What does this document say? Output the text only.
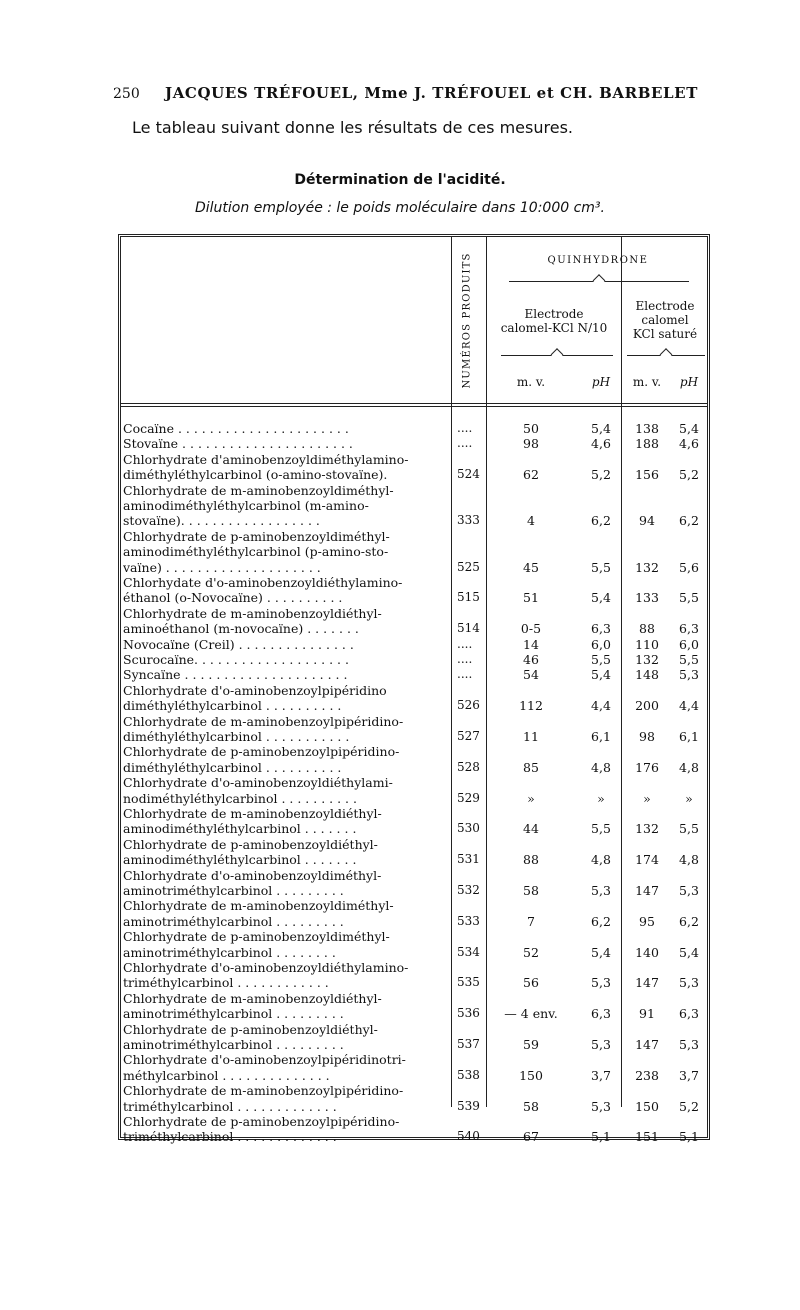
250 JACQUES TRÉFOUEL, Mme J. TRÉFOUEL et CH. BARBELET
Le tableau suivant donne les résultats de ces mesures.
Détermination de l'acidité.
Dilution employée : le poids moléculaire dans 10:000 cm³.
NUMÉROS PRODUITS	QUINHYDRONE
Electrode
calomel-KCl N/10
Electrode
calomel
KCl saturé
m. v.	pH	m. v.	pH
Cocaïne . . . . . . . . . . . . . . . . . . . . . .	....	50	5,4	138	5,4
Stovaïne . . . . . . . . . . . . . . . . . . . . . .	....	98	4,6	188	4,6
Chlorhydrate d'aminobenzoyldiméthylamino-
diméthyléthylcarbinol (o-amino-stovaïne).	524	62	5,2	156	5,2
Chlorhydrate de m-aminobenzoyldiméthyl-
aminodiméthyléthylcarbinol (m-amino-
stovaïne). . . . . . . . . . . . . . . . . .	333	4	6,2	94	6,2
Chlorhydrate de p-aminobenzoyldiméthyl-
aminodiméthyléthylcarbinol (p-amino-sto-
vaïne) . . . . . . . . . . . . . . . . . . . .	525	45	5,5	132	5,6
Chlorhydate d'o-aminobenzoyldiéthylamino-
éthanol (o-Novocaïne) . . . . . . . . . .	515	51	5,4	133	5,5
Chlorhydrate de m-aminobenzoyldiéthyl-
aminoéthanol (m-novocaïne) . . . . . . .	514	0-5	6,3	88	6,3
Novocaïne (Creil) . . . . . . . . . . . . . . .	....	14	6,0	110	6,0
Scurocaïne. . . . . . . . . . . . . . . . . . . .	....	46	5,5	132	5,5
Syncaïne . . . . . . . . . . . . . . . . . . . . .	....	54	5,4	148	5,3
Chlorhydrate d'o-aminobenzoylpipéridino
diméthyléthylcarbinol . . . . . . . . . .	526	112	4,4	200	4,4
Chlorhydrate de m-aminobenzoylpipéridino-
diméthyléthylcarbinol . . . . . . . . . . .	527	11	6,1	98	6,1
Chlorhydrate de p-aminobenzoylpipéridino-
diméthyléthylcarbinol . . . . . . . . . .	528	85	4,8	176	4,8
Chlorhydrate d'o-aminobenzoyldiéthylami-
nodiméthyléthylcarbinol . . . . . . . . . .	529	»	»	»	»
Chlorhydrate de m-aminobenzoyldiéthyl-
aminodiméthyléthylcarbinol . . . . . . .	530	44	5,5	132	5,5
Chlorhydrate de p-aminobenzoyldiéthyl-
aminodiméthyléthylcarbinol . . . . . . .	531	88	4,8	174	4,8
Chlorhydrate d'o-aminobenzoyldiméthyl-
aminotriméthylcarbinol . . . . . . . . .	532	58	5,3	147	5,3
Chlorhydrate de m-aminobenzoyldiméthyl-
aminotriméthylcarbinol . . . . . . . . .	533	7	6,2	95	6,2
Chlorhydrate de p-aminobenzoyldiméthyl-
aminotriméthylcarbinol . . . . . . . .	534	52	5,4	140	5,4
Chlorhydrate d'o-aminobenzoyldiéthylamino-
triméthylcarbinol . . . . . . . . . . . .	535	56	5,3	147	5,3
Chlorhydrate de m-aminobenzoyldiéthyl-
aminotriméthylcarbinol . . . . . . . . .	536	— 4 env.	6,3	91	6,3
Chlorhydrate de p-aminobenzoyldiéthyl-
aminotriméthylcarbinol . . . . . . . . .	537	59	5,3	147	5,3
Chlorhydrate d'o-aminobenzoylpipéridinotri-
méthylcarbinol . . . . . . . . . . . . . .	538	150	3,7	238	3,7
Chlorhydrate de m-aminobenzoylpipéridino-
triméthylcarbinol . . . . . . . . . . . . .	539	58	5,3	150	5,2
Chlorhydrate de p-aminobenzoylpipéridino-
triméthylcarbinol . . . . . . . . . . . . .	540	67	5,1	151	5,1
